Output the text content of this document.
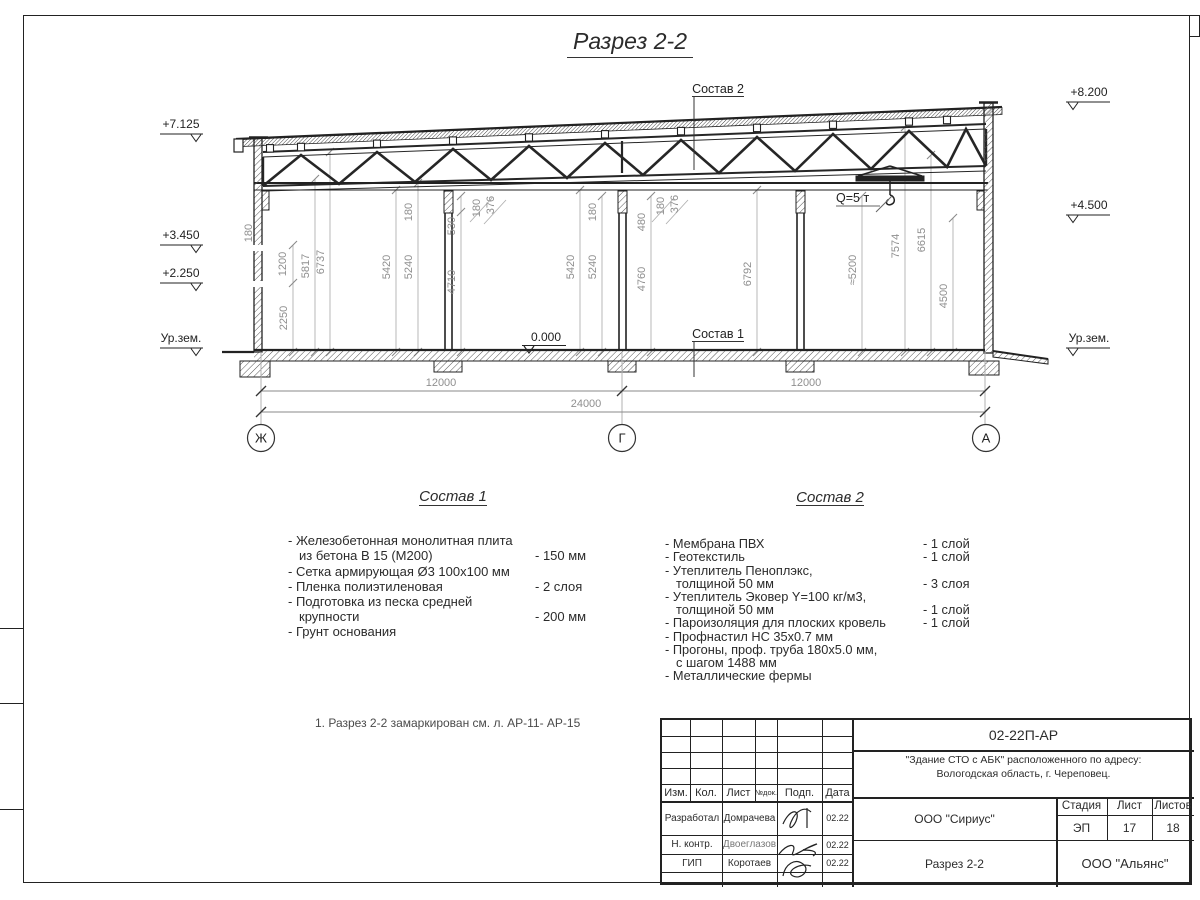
Разрез 2-2
Q=5 т
Состав 2
Состав 1
0.000
+7.125
+3.450
+2.250
Ур.зем.
+8.200
+4.500
Ур.зем.
12000	12000
24000
Ж	Г	А
180
2250
1200 5817 6737	5420 5240
180
530
4710
180 376
5420 5240
180
480
180 376
4760	6792	≈5200
7574 6615
4500
Состав 1
- Железобетонная монолитная плита
из бетона В 15 (М200)	- 150 мм
- Сетка армирующая Ø3 100х100 мм
- Пленка полиэтиленовая	- 2 слоя
- Подготовка из песка средней
крупности	- 200 мм
- Грунт основания
Состав 2
- Мембрана ПВХ	- 1 слой
- Геотекстиль	- 1 слой
- Утеплитель Пеноплэкс,
толщиной 50 мм	- 3 слоя
- Утеплитель Эковер Y=100 кг/м3,
толщиной 50 мм	- 1 слой
- Пароизоляция для плоских кровель	- 1 слой
- Профнастил НС 35х0.7 мм
- Прогоны, проф. труба 180х5.0 мм,
с шагом 1488 мм
- Металлические фермы
1. Разрез 2-2 замаркирован см. л. АР-11- АР-15
Изм. Кол. Лист №док. Подп.	Дата
Разработал Домрачева	02.22
Н. контр.	Двоеглазов	02.22
ГИП	Коротаев	02.22
02-22П-АР
"Здание СТО с АБК" расположенного по адресу:
Вологодская область, г. Череповец.
ООО "Сириус"
Разрез 2-2
Стадия	Лист	Листов
ЭП	17	18
ООО "Альянс"
